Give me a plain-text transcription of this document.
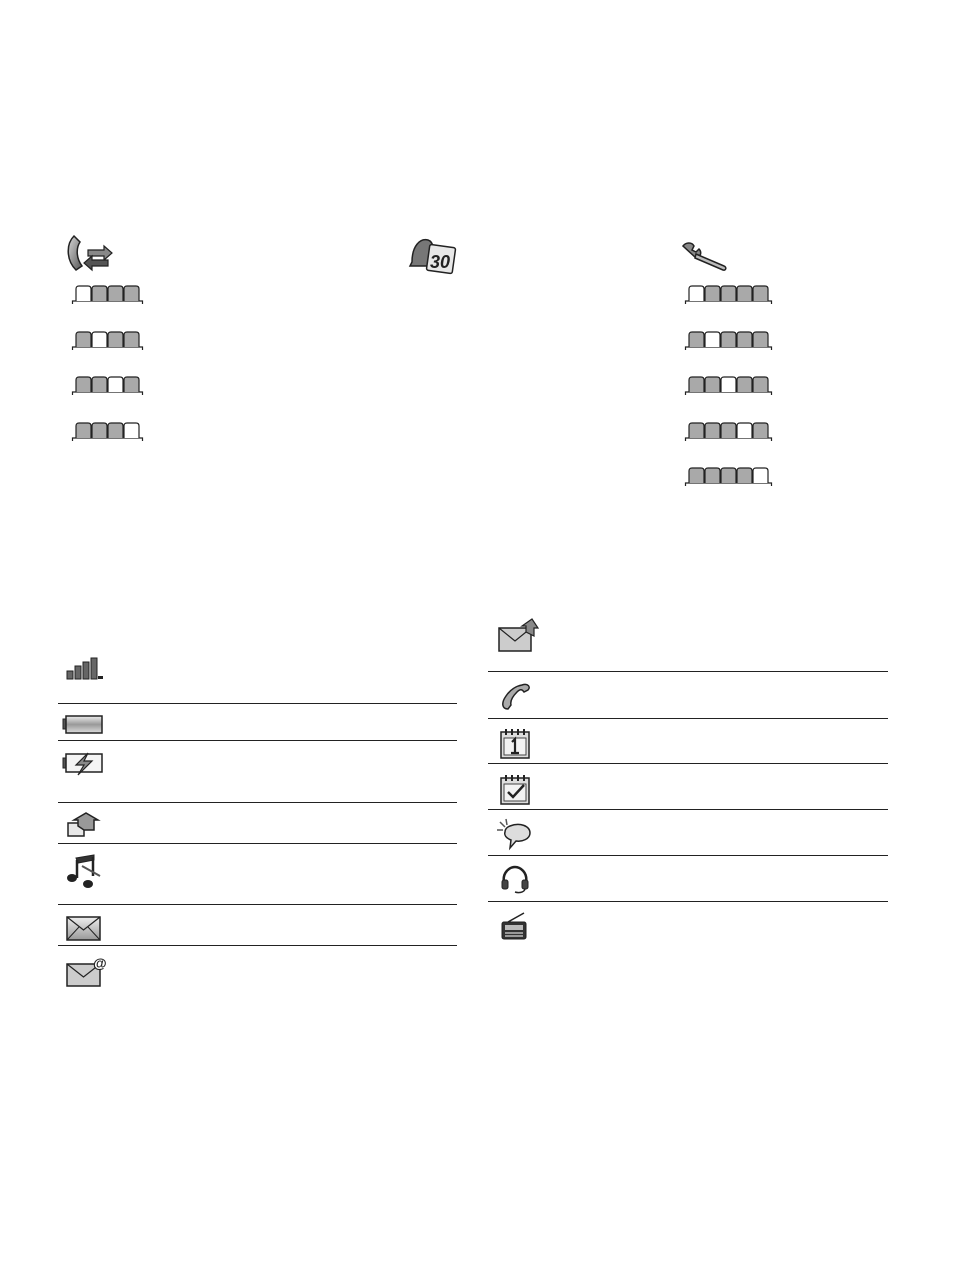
30
@
